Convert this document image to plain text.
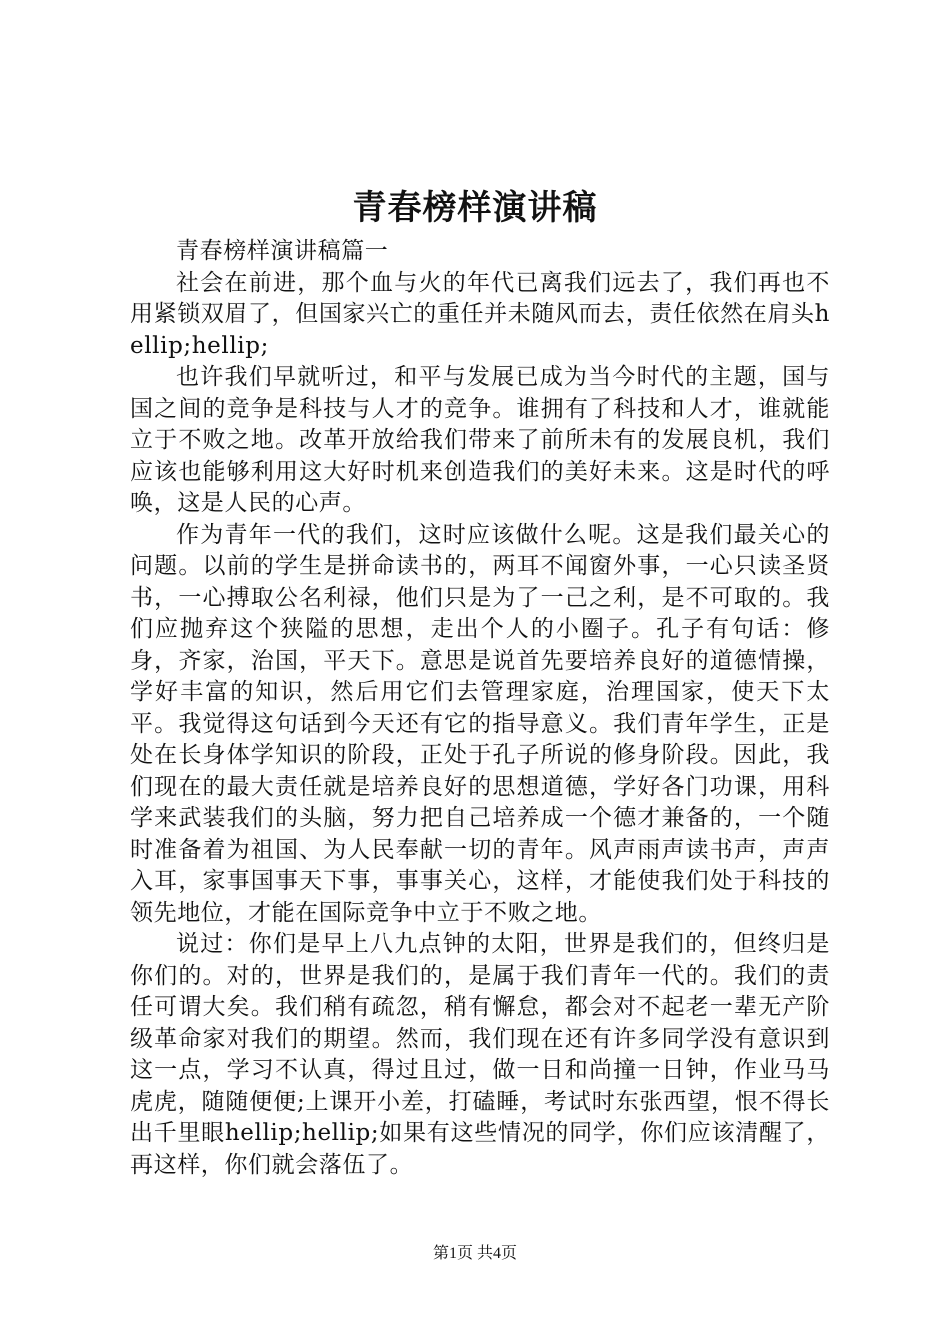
青春榜样演讲稿

青春榜样演讲稿篇一

社会在前进，那个血与火的年代已离我们远去了，我们再也不用紧锁双眉了，但国家兴亡的重任并未随风而去，责任依然在肩头hellip;hellip;

也许我们早就听过，和平与发展已成为当今时代的主题，国与国之间的竞争是科技与人才的竞争。谁拥有了科技和人才，谁就能立于不败之地。改革开放给我们带来了前所未有的发展良机，我们应该也能够利用这大好时机来创造我们的美好未来。这是时代的呼唤，这是人民的心声。

作为青年一代的我们，这时应该做什么呢。这是我们最关心的问题。以前的学生是拼命读书的，两耳不闻窗外事，一心只读圣贤书，一心搏取公名利禄，他们只是为了一己之利，是不可取的。我们应抛弃这个狭隘的思想，走出个人的小圈子。孔子有句话：修身，齐家，治国，平天下。意思是说首先要培养良好的道德情操，学好丰富的知识，然后用它们去管理家庭，治理国家，使天下太平。我觉得这句话到今天还有它的指导意义。我们青年学生，正是处在长身体学知识的阶段，正处于孔子所说的修身阶段。因此，我们现在的最大责任就是培养良好的思想道德，学好各门功课，用科学来武装我们的头脑，努力把自己培养成一个德才兼备的，一个随时准备着为祖国、为人民奉献一切的青年。风声雨声读书声，声声入耳，家事国事天下事，事事关心，这样，才能使我们处于科技的领先地位，才能在国际竞争中立于不败之地。

说过：你们是早上八九点钟的太阳，世界是我们的，但终归是你们的。对的，世界是我们的，是属于我们青年一代的。我们的责任可谓大矣。我们稍有疏忽，稍有懈怠，都会对不起老一辈无产阶级革命家对我们的期望。然而，我们现在还有许多同学没有意识到这一点，学习不认真，得过且过，做一日和尚撞一日钟，作业马马虎虎，随随便便;上课开小差，打磕睡，考试时东张西望，恨不得长出千里眼hellip;hellip;如果有这些情况的同学，你们应该清醒了，再这样，你们就会落伍了。

第1页 共4页
